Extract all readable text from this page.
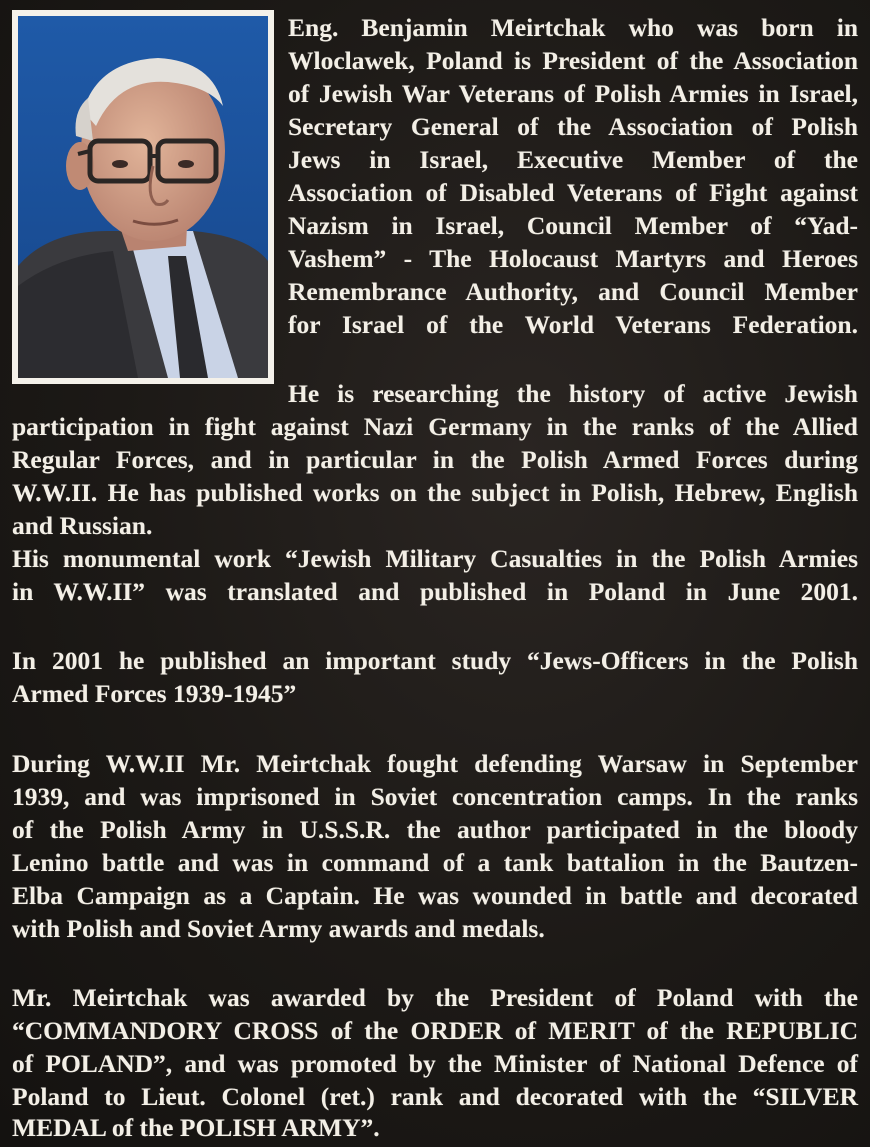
Eng. Benjamin Meirtchak who was born in
Wloclawek, Poland is President of the Association
of Jewish War Veterans of Polish Armies in Israel,
Secretary General of the Association of Polish
Jews in Israel, Executive Member of the
Association of Disabled Veterans of Fight against
Nazism in Israel, Council Member of “Yad-
Vashem” - The Holocaust Martyrs and Heroes
Remembrance Authority, and Council Member
for Israel of the World Veterans Federation.
He is researching the history of active Jewish
participation in fight against Nazi Germany in the ranks of the Allied
Regular Forces, and in particular in the Polish Armed Forces during
W.W.II. He has published works on the subject in Polish, Hebrew, English
and Russian.
His monumental work “Jewish Military Casualties in the Polish Armies
in W.W.II” was translated and published in Poland in June 2001.
In 2001 he published an important study “Jews-Officers in the Polish
Armed Forces 1939-1945”
During W.W.II Mr. Meirtchak fought defending Warsaw in September
1939, and was imprisoned in Soviet concentration camps. In the ranks
of the Polish Army in U.S.S.R. the author participated in the bloody
Lenino battle and was in command of a tank battalion in the Bautzen-
Elba Campaign as a Captain. He was wounded in battle and decorated
with Polish and Soviet Army awards and medals.
Mr. Meirtchak was awarded by the President of Poland with the
“COMMANDORY CROSS of the ORDER of MERIT of the REPUBLIC
of POLAND”, and was promoted by the Minister of National Defence of
Poland to Lieut. Colonel (ret.) rank and decorated with the “SILVER
MEDAL of the POLISH ARMY”.
